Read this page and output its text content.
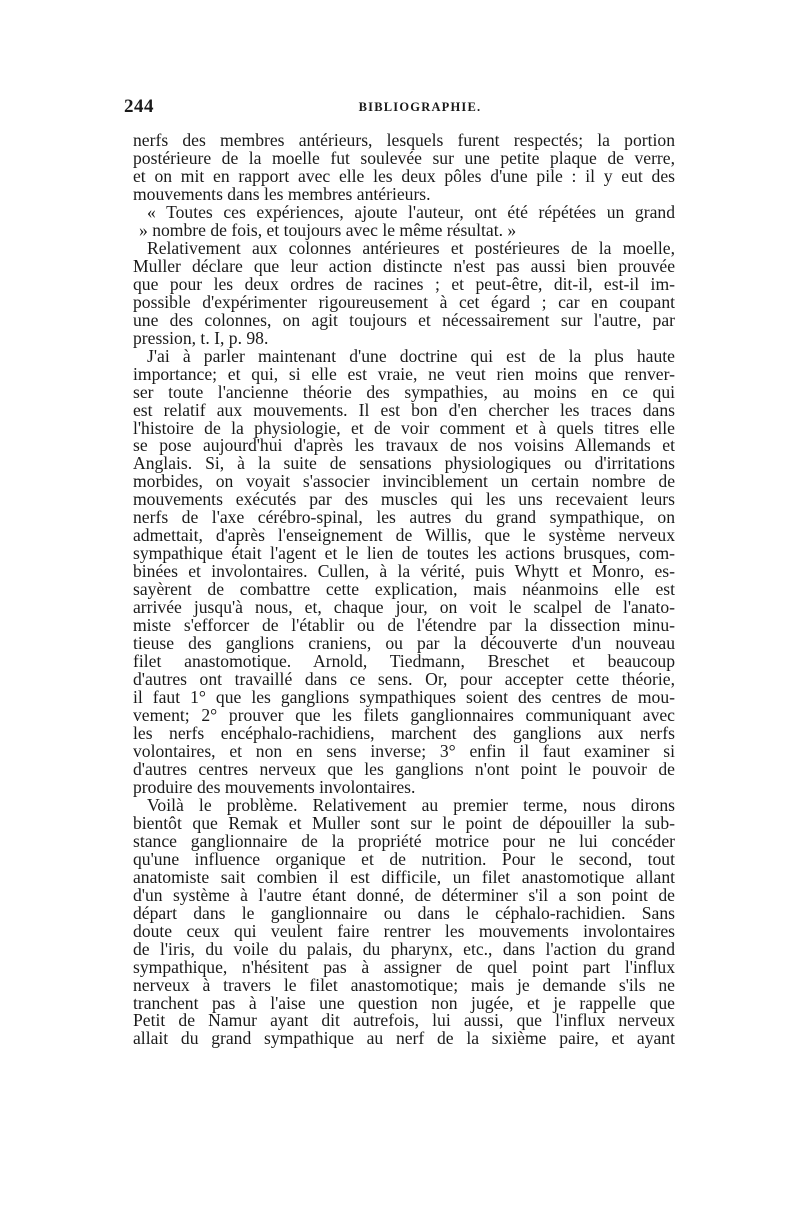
244	BIBLIOGRAPHIE.
nerfs des membres antérieurs, lesquels furent respectés; la portion
postérieure de la moelle fut soulevée sur une petite plaque de verre,
et on mit en rapport avec elle les deux pôles d'une pile : il y eut des
mouvements dans les membres antérieurs.
« Toutes ces expériences, ajoute l'auteur, ont été répétées un grand
» nombre de fois, et toujours avec le même résultat. »
Relativement aux colonnes antérieures et postérieures de la moelle,
Muller déclare que leur action distincte n'est pas aussi bien prouvée
que pour les deux ordres de racines ; et peut-être, dit-il, est-il im-
possible d'expérimenter rigoureusement à cet égard ; car en coupant
une des colonnes, on agit toujours et nécessairement sur l'autre, par
pression, t. I, p. 98.
J'ai à parler maintenant d'une doctrine qui est de la plus haute
importance; et qui, si elle est vraie, ne veut rien moins que renver-
ser toute l'ancienne théorie des sympathies, au moins en ce qui
est relatif aux mouvements. Il est bon d'en chercher les traces dans
l'histoire de la physiologie, et de voir comment et à quels titres elle
se pose aujourd'hui d'après les travaux de nos voisins Allemands et
Anglais. Si, à la suite de sensations physiologiques ou d'irritations
morbides, on voyait s'associer invinciblement un certain nombre de
mouvements exécutés par des muscles qui les uns recevaient leurs
nerfs de l'axe cérébro-spinal, les autres du grand sympathique, on
admettait, d'après l'enseignement de Willis, que le système nerveux
sympathique était l'agent et le lien de toutes les actions brusques, com-
binées et involontaires. Cullen, à la vérité, puis Whytt et Monro, es-
sayèrent de combattre cette explication, mais néanmoins elle est
arrivée jusqu'à nous, et, chaque jour, on voit le scalpel de l'anato-
miste s'efforcer de l'établir ou de l'étendre par la dissection minu-
tieuse des ganglions craniens, ou par la découverte d'un nouveau
filet anastomotique. Arnold, Tiedmann, Breschet et beaucoup
d'autres ont travaillé dans ce sens. Or, pour accepter cette théorie,
il faut 1° que les ganglions sympathiques soient des centres de mou-
vement; 2° prouver que les filets ganglionnaires communiquant avec
les nerfs encéphalo-rachidiens, marchent des ganglions aux nerfs
volontaires, et non en sens inverse; 3° enfin il faut examiner si
d'autres centres nerveux que les ganglions n'ont point le pouvoir de
produire des mouvements involontaires.
Voilà le problème. Relativement au premier terme, nous dirons
bientôt que Remak et Muller sont sur le point de dépouiller la sub-
stance ganglionnaire de la propriété motrice pour ne lui concéder
qu'une influence organique et de nutrition. Pour le second, tout
anatomiste sait combien il est difficile, un filet anastomotique allant
d'un système à l'autre étant donné, de déterminer s'il a son point de
départ dans le ganglionnaire ou dans le céphalo-rachidien. Sans
doute ceux qui veulent faire rentrer les mouvements involontaires
de l'iris, du voile du palais, du pharynx, etc., dans l'action du grand
sympathique, n'hésitent pas à assigner de quel point part l'influx
nerveux à travers le filet anastomotique; mais je demande s'ils ne
tranchent pas à l'aise une question non jugée, et je rappelle que
Petit de Namur ayant dit autrefois, lui aussi, que l'influx nerveux
allait du grand sympathique au nerf de la sixième paire, et ayant
